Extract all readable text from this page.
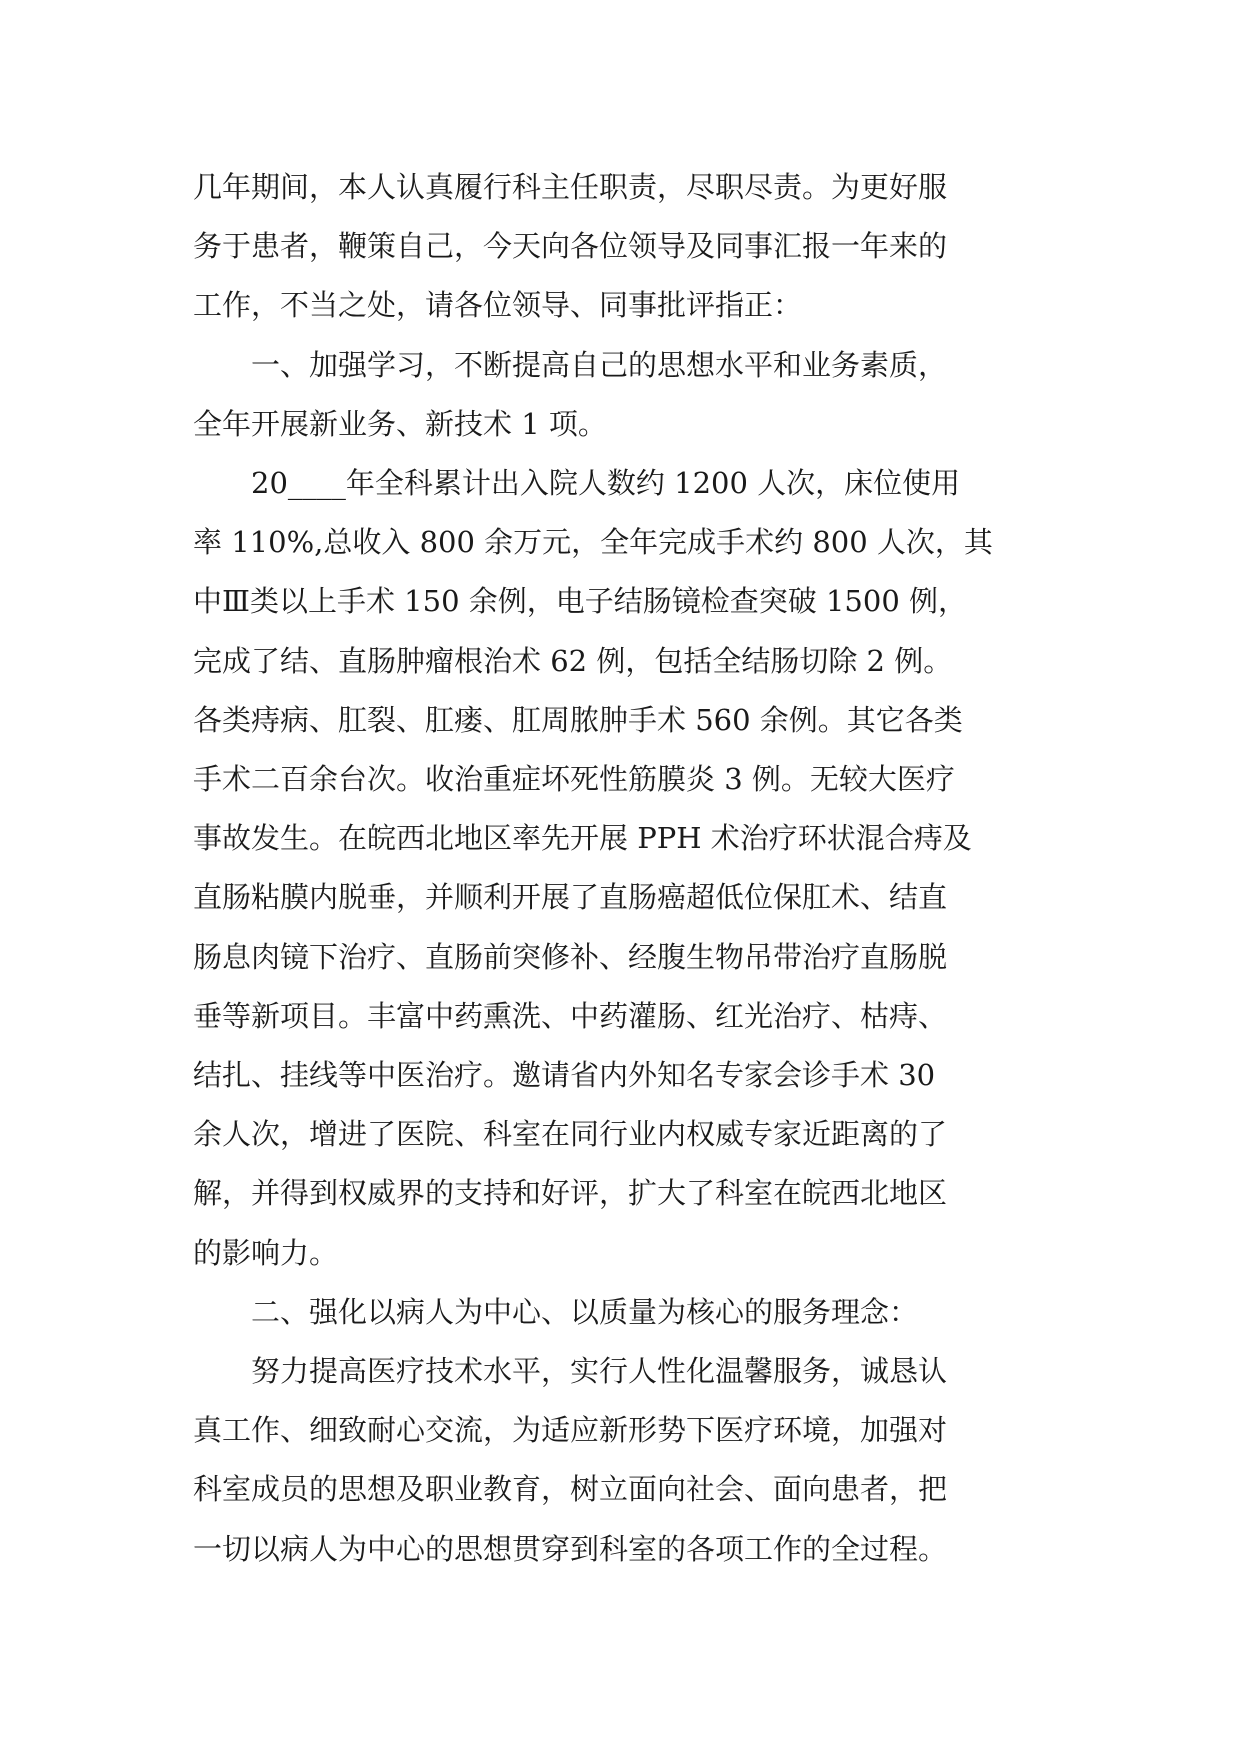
几年期间，本人认真履行科主任职责，尽职尽责。为更好服

务于患者，鞭策自己，今天向各位领导及同事汇报一年来的

工作，不当之处，请各位领导、同事批评指正：

　　一、加强学习，不断提高自己的思想水平和业务素质，

全年开展新业务、新技术 1 项。

　　20____年全科累计出入院人数约 1200 人次，床位使用

率 110%,总收入 800 余万元，全年完成手术约 800 人次，其

中Ⅲ类以上手术 150 余例，电子结肠镜检查突破 1500 例，

完成了结、直肠肿瘤根治术 62 例，包括全结肠切除 2 例。

各类痔病、肛裂、肛瘘、肛周脓肿手术 560 余例。其它各类

手术二百余台次。收治重症坏死性筋膜炎 3 例。无较大医疗

事故发生。在皖西北地区率先开展 PPH 术治疗环状混合痔及

直肠粘膜内脱垂，并顺利开展了直肠癌超低位保肛术、结直

肠息肉镜下治疗、直肠前突修补、经腹生物吊带治疗直肠脱

垂等新项目。丰富中药熏洗、中药灌肠、红光治疗、枯痔、

结扎、挂线等中医治疗。邀请省内外知名专家会诊手术 30

余人次，增进了医院、科室在同行业内权威专家近距离的了

解，并得到权威界的支持和好评，扩大了科室在皖西北地区

的影响力。

　　二、强化以病人为中心、以质量为核心的服务理念：

　　努力提高医疗技术水平，实行人性化温馨服务，诚恳认

真工作、细致耐心交流，为适应新形势下医疗环境，加强对

科室成员的思想及职业教育，树立面向社会、面向患者，把

一切以病人为中心的思想贯穿到科室的各项工作的全过程。
